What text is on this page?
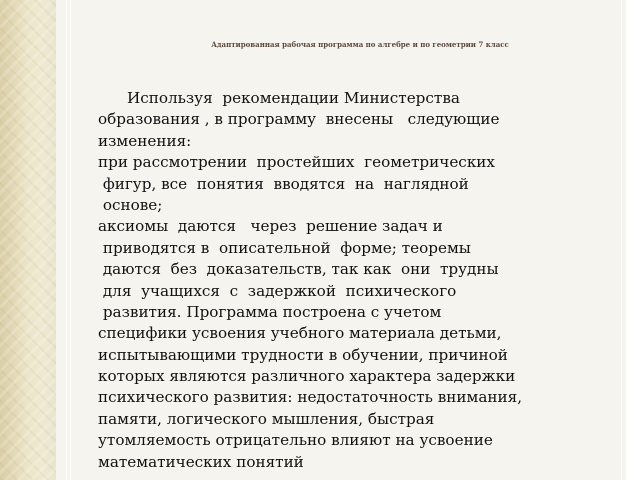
Адаптированная рабочая программа по алгебре и по геометрии 7 класс
Используя  рекомендации Министерства
образования , в программу  внесены   следующие
изменения:
при рассмотрении  простейших  геометрических
фигур, все  понятия  вводятся  на  наглядной
основе;
аксиомы  даются   через  решение задач и
приводятся в  описательной  форме; теоремы
даются  без  доказательств, так как  они  трудны
для  учащихся  с  задержкой  психического
развития. Программа построена с учетом
специфики усвоения учебного материала детьми,
испытывающими трудности в обучении, причиной
которых являются различного характера задержки
психического развития: недостаточность внимания,
памяти, логического мышления, быстрая
утомляемость отрицательно влияют на усвоение
математических понятий
